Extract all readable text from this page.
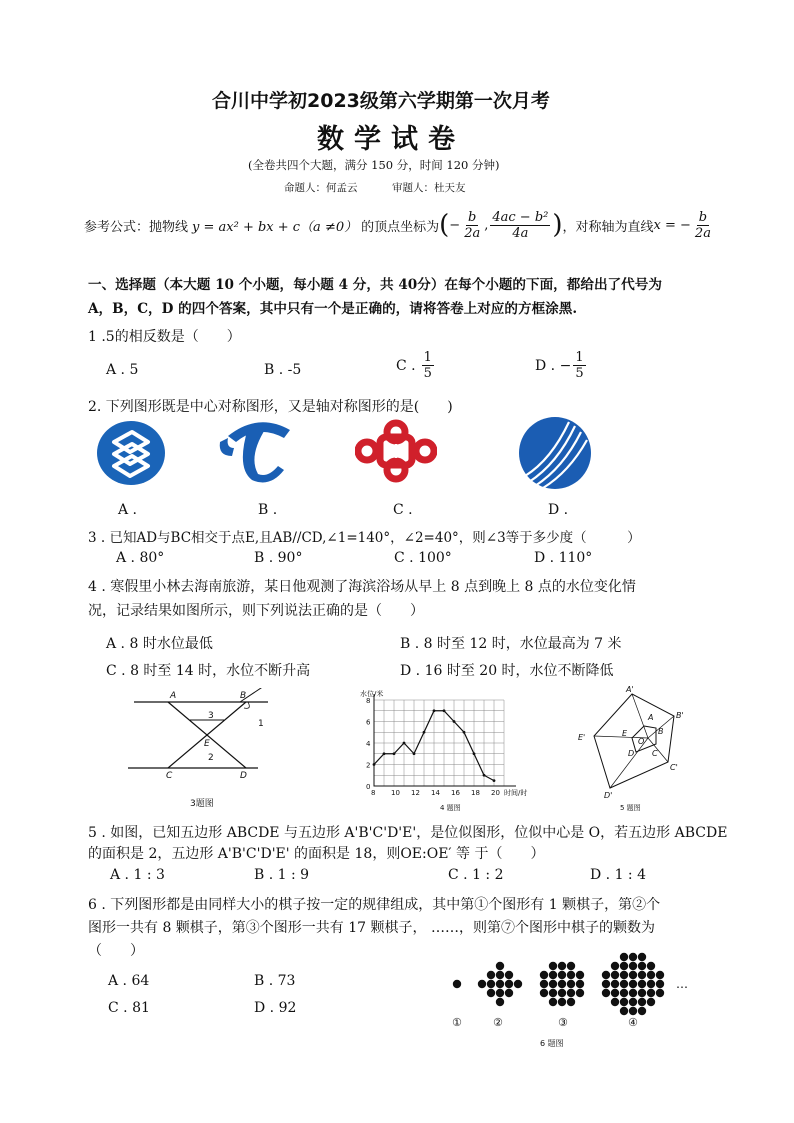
合川中学初2023级第六学期第一次月考
数学试卷
(全卷共四个大题，满分 150 分，时间 120 分钟)
命题人：何孟云	审题人：杜天友
参考公式：抛物线 y = ax² + bx + c（a ≠0） 的顶点坐标为 ( − $\frac{b}{2a}$ , $\frac{\text{4ac − b²}}{4a}$ ) ，对称轴为直线 x = − $\frac{b}{2a}$
一、选择题（本大题 10 个小题，每小题 4 分，共 40分）在每个小题的下面，都给出了代号为
A，B，C，D 的四个答案，其中只有一个是正确的，请将答卷上对应的方框涂黑.
1 .5的相反数是（　　）
A . 5	B . -5	C . $\frac{1}{5}$	D . − $\frac{1}{5}$
2. 下列图形既是中心对称图形，又是轴对称图形的是(　　)
A .	B .	C .	D .
3 . 已知AD与BC相交于点E,且AB//CD,∠1=140°，∠2=40°，则∠3等于多少度（　　　）
A . 80°	B . 90°	C . 100°	D . 110°
4 . 寒假里小林去海南旅游，某日他观测了海滨浴场从早上 8 点到晚上 8 点的水位变化情
况，记录结果如图所示，则下列说法正确的是（　　）
A . 8 时水位最低	B . 8 时至 12 时，水位最高为 7 米
C . 8 时至 14 时，水位不断升高	D . 16 时至 20 时，水位不断降低
A	B
C	D
E
1
2
3
3题图
水位/米
时间/时
4 题图
8 10 12 14 16 18 20
0
2
4
6
8
A'
B'
C'
D'
E'
A
B
C
D
E
O
5 题图
5 . 如图，已知五边形 ABCDE 与五边形 A'B'C'D'E'，是位似图形，位似中心是 O，若五边形 ABCDE
的面积是 2，五边形 A'B'C'D'E' 的面积是 18，则OE:OE′ 等 于（　　）
A . 1 : 3	B . 1 : 9	C . 1 : 2	D . 1 : 4
6 . 下列图形都是由同样大小的棋子按一定的规律组成，其中第①个图形有 1 颗棋子，第②个
图形一共有 8 颗棋子，第③个图形一共有 17 颗棋子， ……，则第⑦个图形中棋子的颗数为
（　　）
A . 64	B . 73
C . 81	D . 92
…
①	②	③	④
6 题图
